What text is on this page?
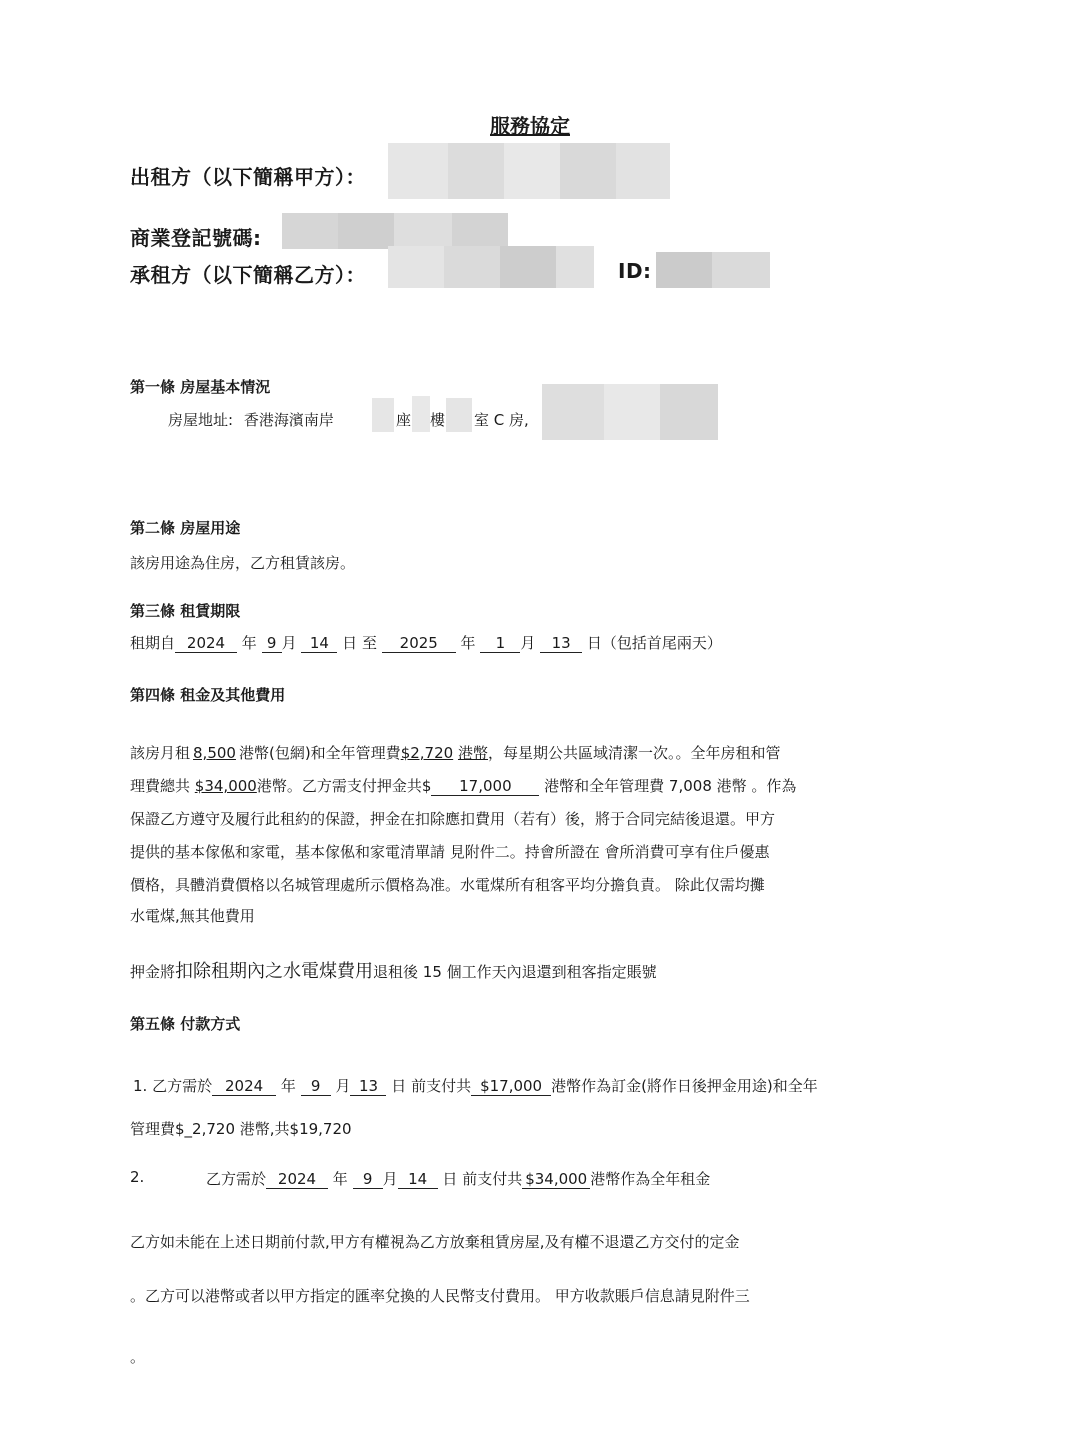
服務協定
出租方（以下簡稱甲方）：
商業登記號碼:
承租方（以下簡稱乙方）：	ID:
第一條 房屋基本情況
房屋地址: 香港海濱南岸	座 樓 室 C 房,
第二條 房屋用途
該房用途為住房，乙方租賃該房。
第三條 租賃期限
租期自 2024 年 9 月 14 日 至 2025 年 1 月 13 日（包括首尾兩天）
第四條 租金及其他費用
該房月租 8,500 港幣(包網)和全年管理費$2,720 港幣，每星期公共區域清潔一次。。全年房租和管
理費總共 $34,000港幣。乙方需支付押金共$ 17,000 港幣和全年管理費 7,008 港幣 。作為
保證乙方遵守及履行此租約的保證，押金在扣除應扣費用（若有）後，將于合同完結後退還。甲方
提供的基本傢俬和家電，基本傢俬和家電清單請 見附件二。持會所證在 會所消費可享有住戶優惠
價格，具體消費價格以名城管理處所示價格為准。水電煤所有租客平均分擔負責。 除此仅需均攤
水電煤,無其他費用
押金將扣除租期內之水電煤費用退租後 15 個工作天內退還到租客指定賬號
第五條 付款方式
1. 乙方需於 2024 年 9 月 13 日 前支付共 $17,000 港幣作為訂金(將作日後押金用途)和全年
管理費$_2,720 港幣,共$19,720
2.	乙方需於 2024 年 9 月 14 日 前支付共 $34,000 港幣作為全年租金
乙方如未能在上述日期前付款,甲方有權視為乙方放棄租賃房屋,及有權不退還乙方交付的定金
。乙方可以港幣或者以甲方指定的匯率兌換的人民幣支付費用。 甲方收款賬戶信息請見附件三
。
